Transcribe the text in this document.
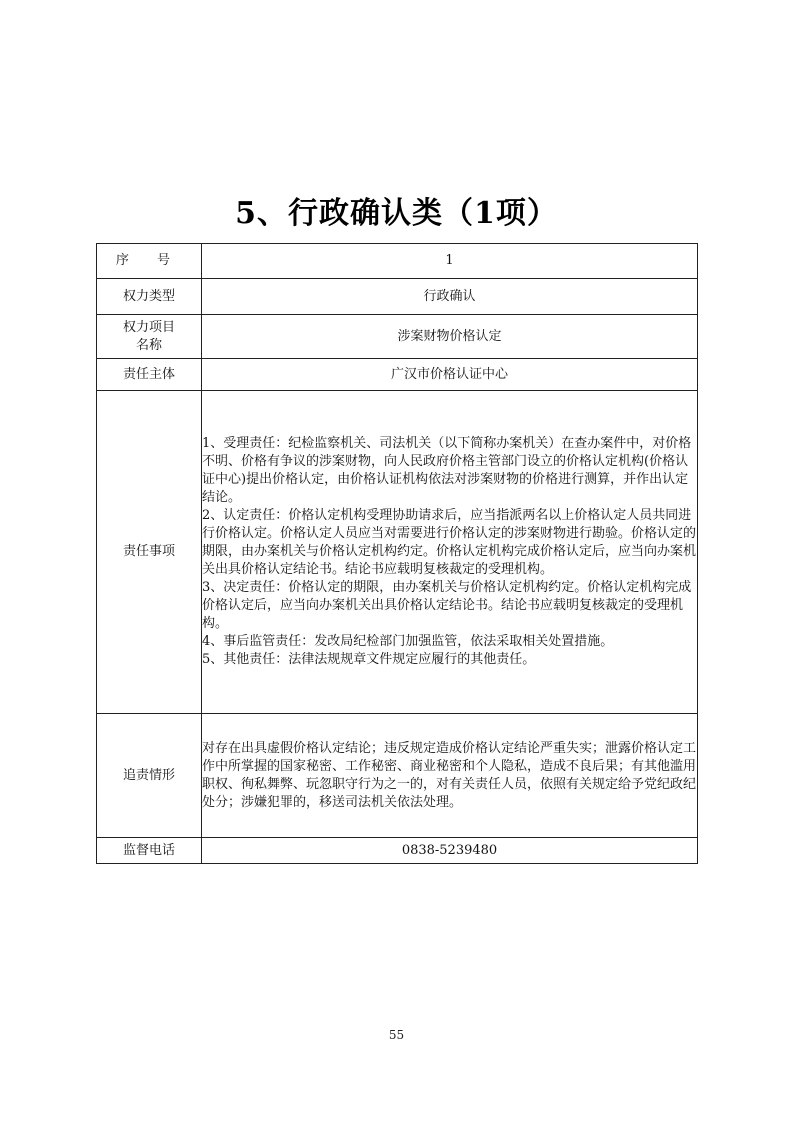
5、行政确认类（1项）
序 号	1
权力类型	行政确认

权力项目
名称	涉案财物价格认定
责任主体	广汉市价格认证中心
责任事项	1、受理责任：纪检监察机关、司法机关（以下简称办案机关）在查办案件中，对价格不明、价格有争议的涉案财物，向人民政府价格主管部门设立的价格认定机构(价格认证中心)提出价格认定，由价格认证机构依法对涉案财物的价格进行测算，并作出认定结论。
2、认定责任：价格认定机构受理协助请求后，应当指派两名以上价格认定人员共同进行价格认定。价格认定人员应当对需要进行价格认定的涉案财物进行勘验。价格认定的期限，由办案机关与价格认定机构约定。价格认定机构完成价格认定后，应当向办案机关出具价格认定结论书。结论书应载明复核裁定的受理机构。
3、决定责任：价格认定的期限，由办案机关与价格认定机构约定。价格认定机构完成价格认定后，应当向办案机关出具价格认定结论书。结论书应载明复核裁定的受理机构。
4、事后监管责任：发改局纪检部门加强监管，依法采取相关处置措施。
5、其他责任：法律法规规章文件规定应履行的其他责任。

追责情形	对存在出具虚假价格认定结论；违反规定造成价格认定结论严重失实；泄露价格认定工作中所掌握的国家秘密、工作秘密、商业秘密和个人隐私，造成不良后果；有其他滥用职权、徇私舞弊、玩忽职守行为之一的，对有关责任人员，依照有关规定给予党纪政纪处分；涉嫌犯罪的，移送司法机关依法处理。
监督电话	0838-5239480
55
